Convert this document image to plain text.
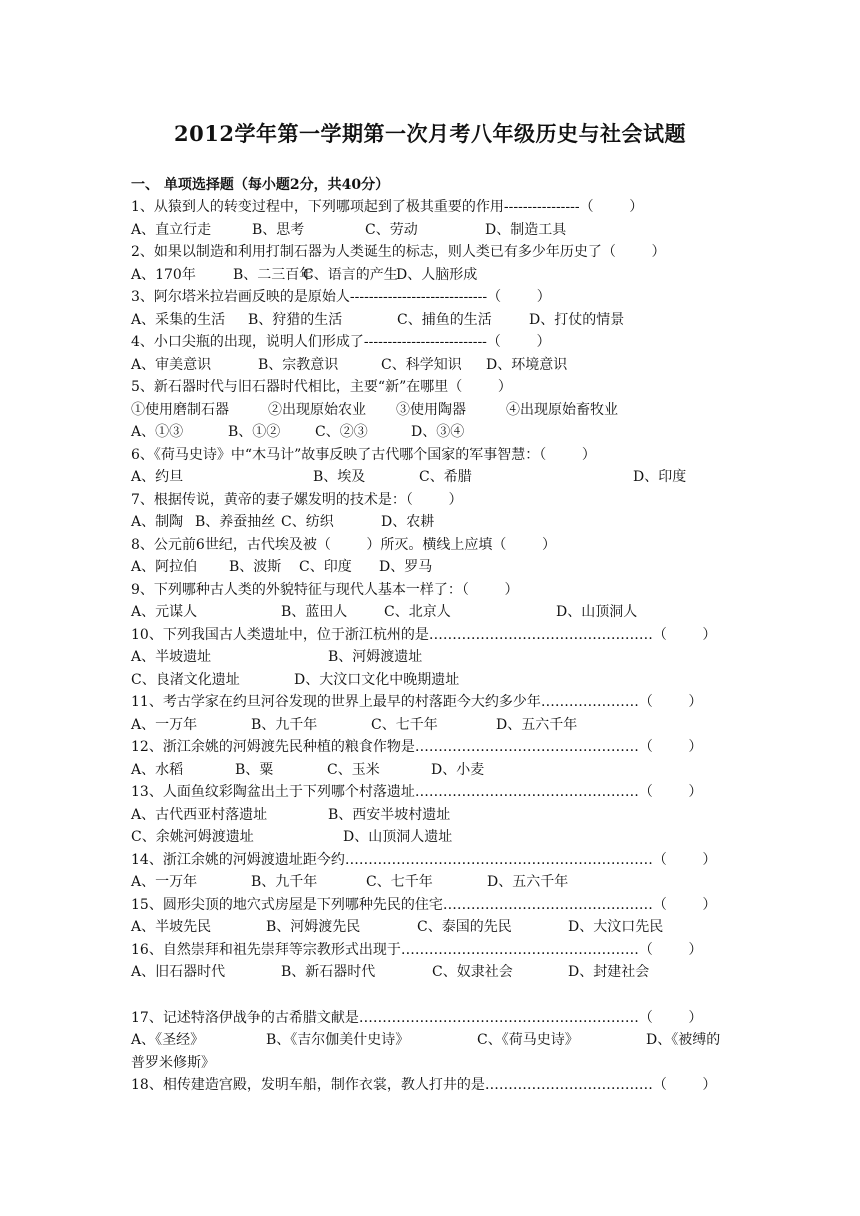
2012学年第一学期第一次月考八年级历史与社会试题
一、 单项选择题（每小题2分，共40分）
1、从猿到人的转变过程中，下列哪项起到了极其重要的作用----------------（        ）
A、直立行走	B、思考	C、劳动	D、制造工具
2、如果以制造和利用打制石器为人类诞生的标志，则人类已有多少年历史了（        ）
A、170年	B、二三百年
C、语言的产生
D、人脑形成
3、阿尔塔米拉岩画反映的是原始人-----------------------------（        ）
A、采集的生活 B、狩猎的生活	C、捕鱼的生活	D、打仗的情景
4、小口尖瓶的出现，说明人们形成了--------------------------（        ）
A、审美意识	B、宗教意识	C、科学知识 D、环境意识
5、新石器时代与旧石器时代相比，主要“新”在哪里（        ）
①使用磨制石器	②出现原始农业 ③使用陶器	④出现原始畜牧业
A、①③	B、①② C、②③	D、③④
6、《荷马史诗》中“木马计”故事反映了古代哪个国家的军事智慧：（        ）
A、约旦	B、埃及	C、希腊	D、印度
7、根据传说，黄帝的妻子嫘发明的技术是：（        ）
A、制陶 B、养蚕抽丝 C、纺织	D、农耕
8、公元前6世纪，古代埃及被（        ）所灭。横线上应填（        ）
A、阿拉伯 B、波斯 C、印度 D、罗马
9、下列哪种古人类的外貌特征与现代人基本一样了：（        ）
A、元谋人	B、蓝田人	C、北京人	D、山顶洞人
10、下列我国古人类遗址中，位于浙江杭州的是…………………………………………（        ）
A、半坡遗址	B、河姆渡遗址
C、良渚文化遗址	D、大汶口文化中晚期遗址
11、考古学家在约旦河谷发现的世界上最早的村落距今大约多少年…………………（        ）
A、一万年	B、九千年	C、七千年	D、五六千年
12、浙江余姚的河姆渡先民种植的粮食作物是…………………………………………（        ）
A、水稻	B、粟	C、玉米	D、小麦
13、人面鱼纹彩陶盆出土于下列哪个村落遗址…………………………………………（        ）
A、古代西亚村落遗址	B、西安半坡村遗址
C、余姚河姆渡遗址	D、山顶洞人遗址
14、浙江余姚的河姆渡遗址距今约…………………………………………………………（        ）
A、一万年	B、九千年	C、七千年	D、五六千年
15、圆形尖顶的地穴式房屋是下列哪种先民的住宅………………………………………（        ）
A、半坡先民	B、河姆渡先民	C、泰国的先民	D、大汶口先民
16、自然崇拜和祖先崇拜等宗教形式出现于……………………………………………（        ）
A、旧石器时代	B、新石器时代	C、奴隶社会	D、封建社会
17、记述特洛伊战争的古希腊文献是……………………………………………………（        ）
A、《圣经》	B、《吉尔伽美什史诗》	C、《荷马史诗》	D、《被缚的
普罗米修斯》
18、相传建造宫殿，发明车船，制作衣裳，教人打井的是………………………………（        ）
